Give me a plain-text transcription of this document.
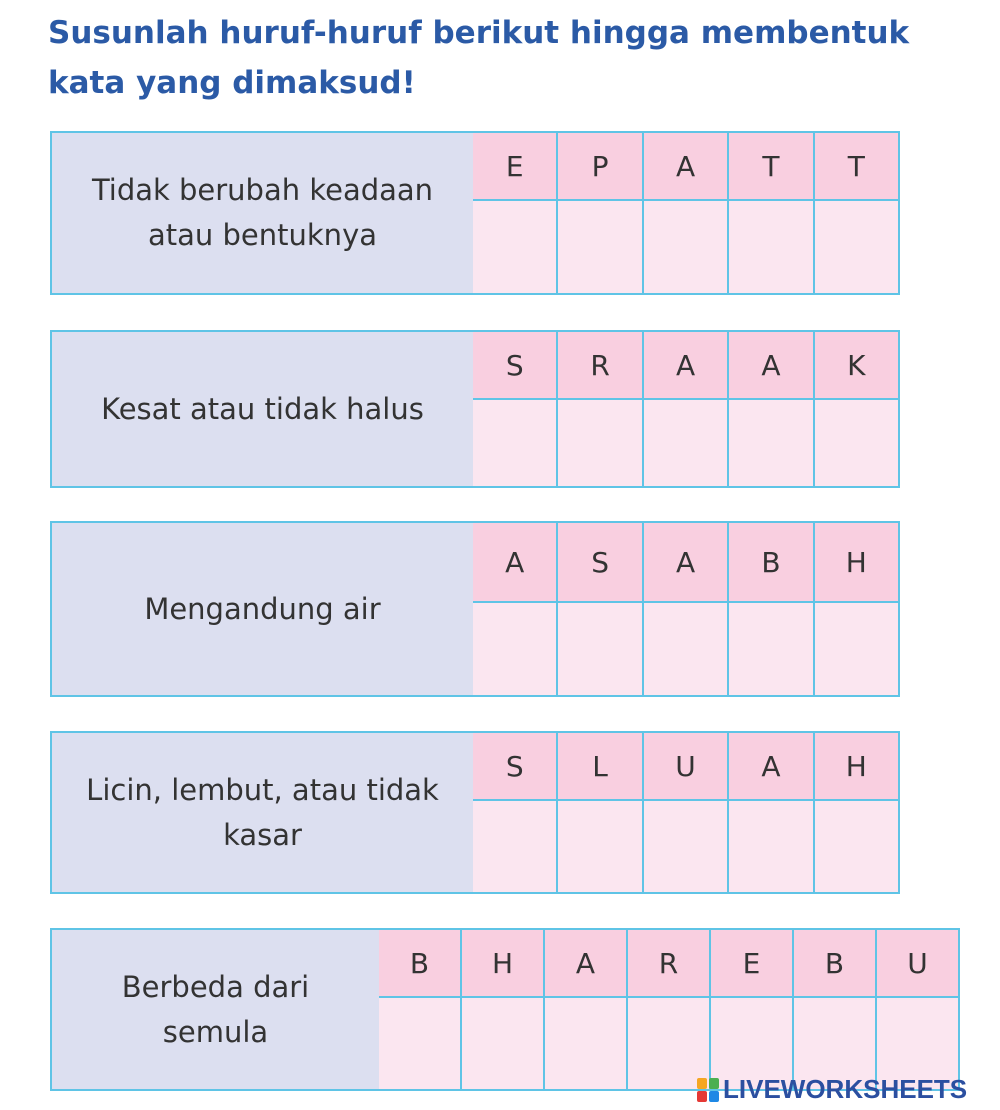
Susunlah huruf-huruf berikut hingga membentuk kata yang dimaksud!
Tidak berubah keadaan atau bentuknya
E	P	A	T	T
Kesat atau tidak halus
S	R	A	A	K
Mengandung air
A	S	A	B	H
Licin, lembut, atau tidak kasar
S	L	U	A	H
Berbeda dari semula
B	H	A	R	E	B	U
LIVEWORKSHEETS
